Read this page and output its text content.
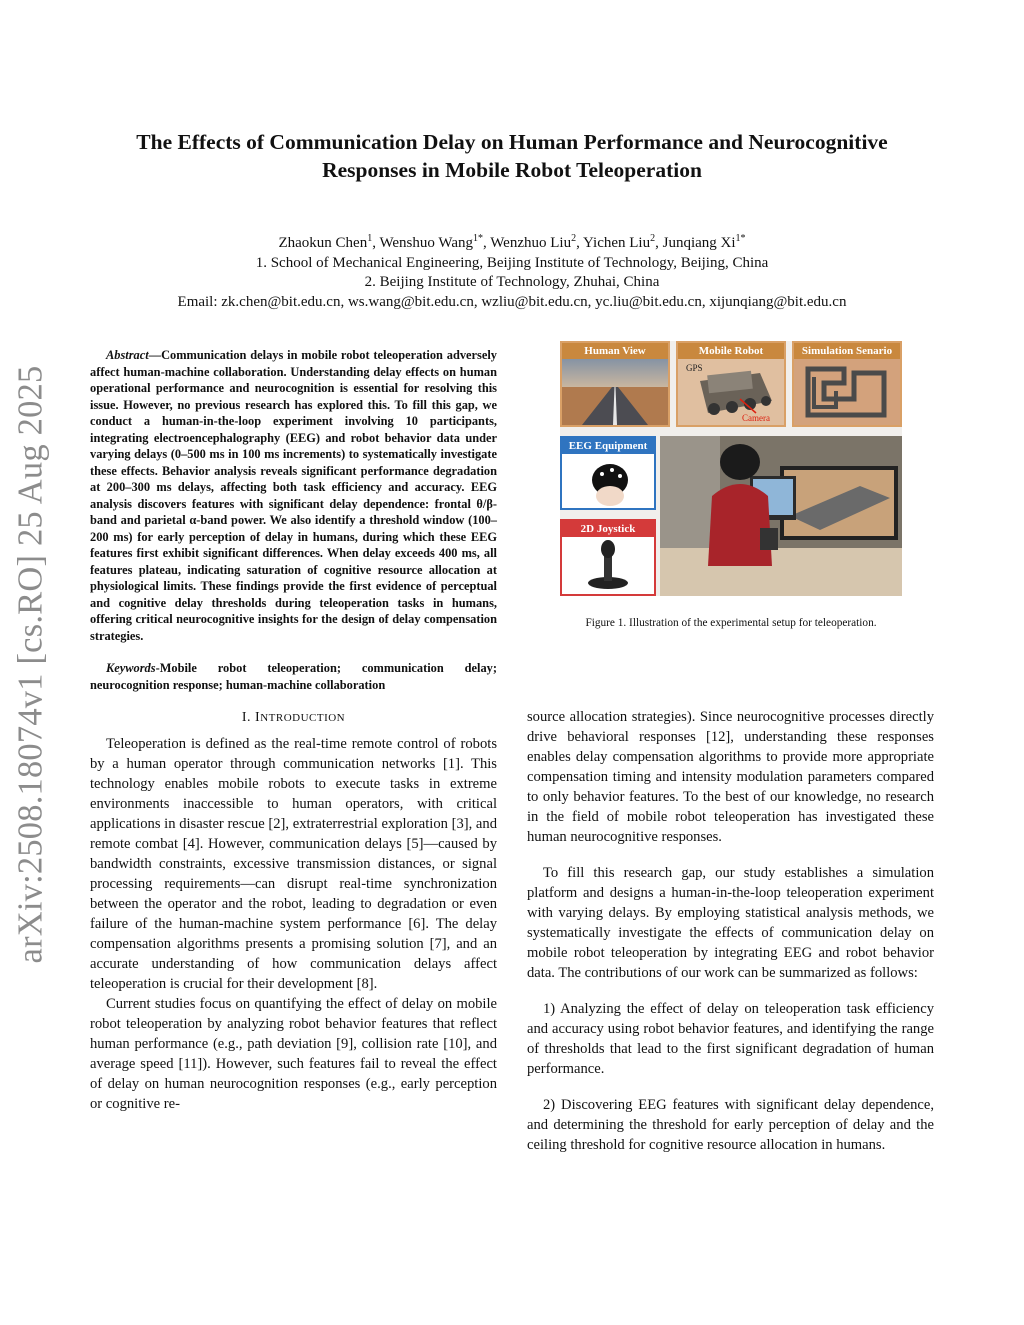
arXiv:2508.18074v1 [cs.RO] 25 Aug 2025
The Effects of Communication Delay on Human Performance and Neurocognitive
Responses in Mobile Robot Teleoperation
Zhaokun Chen$^1$, Wenshuo Wang$^{1*}$, Wenzhuo Liu$^2$, Yichen Liu$^2$, Junqiang $Xi^{1*}$
1. School of Mechanical Engineering, Beijing Institute of Technology, Beijing, China
2. Beijing Institute of Technology, Zhuhai, China
Email: zk.chen@bit.edu.cn, ws.wang@bit.edu.cn, wzliu@bit.edu.cn, yc.liu@bit.edu.cn, xijunqiang@bit.edu.cn

Abstract—Communication delays in mobile robot teleoperation adversely affect human-machine collaboration. Understanding delay effects on human operational performance and neurocognition is essential for resolving this issue. However, no previous research has explored this. To fill this gap, we conduct a human-in-the-loop experiment involving 10 participants, integrating electroencephalography (EEG) and robot behavior data under varying delays (0–500 ms in 100 ms increments) to systematically investigate these effects. Behavior analysis reveals significant performance degradation at 200–300 ms delays, affecting both task efficiency and accuracy. EEG analysis discovers features with significant delay dependence: frontal θ/β-band and parietal α-band power. We also identify a threshold window (100–200 ms) for early perception of delay in humans, during which these EEG features first exhibit significant differences. When delay exceeds 400 ms, all features plateau, indicating saturation of cognitive resource allocation at physiological limits. These findings provide the first evidence of perceptual and cognitive delay thresholds during teleoperation tasks in humans, offering critical neurocognitive insights for the design of delay compensation strategies.

Keywords-Mobile robot teleoperation; communication delay; neurocognition response; human-machine collaboration

I. INTRODUCTION

Teleoperation is defined as the real-time remote control of robots by a human operator through communication networks [1]. This technology enables mobile robots to execute tasks in extreme environments inaccessible to human operators, with critical applications in disaster rescue [2], extraterrestrial exploration [3], and remote combat [4]. However, communication delays [5]—caused by bandwidth constraints, excessive transmission distances, or signal processing requirements—can disrupt real-time synchronization between the operator and the robot, leading to degradation or even failure of the human-machine system performance [6]. The delay compensation algorithms presents a promising solution [7], and an accurate understanding of how communication delays affect teleoperation is crucial for their development [8].

Current studies focus on quantifying the effect of delay on mobile robot teleoperation by analyzing robot behavior features that reflect human performance (e.g., path deviation [9], collision rate [10], and average speed [11]). However, such features fail to reveal the effect of delay on human neurocognition responses (e.g., early perception or cognitive re-

source allocation strategies). Since neurocognitive processes directly drive behavioral responses [12], understanding these responses enables delay compensation algorithms to provide more appropriate compensation timing and intensity modulation parameters compared to only behavior features. To the best of our knowledge, no research in the field of mobile robot teleoperation has investigated these human neurocognitive responses.

To fill this research gap, our study establishes a simulation platform and designs a human-in-the-loop teleoperation experiment with varying delays. By employing statistical analysis methods, we systematically investigate the effects of communication delay on mobile robot teleoperation by integrating EEG and robot behavior data. The contributions of our work can be summarized as follows:

1) Analyzing the effect of delay on teleoperation task efficiency and accuracy using robot behavior features, and identifying the range of thresholds that lead to the first significant degradation of human performance.

2) Discovering EEG features with significant delay dependence, and determining the threshold for early perception of delay and the ceiling threshold for cognitive resource allocation in humans.

Human View	Mobile Robot
GPS
Camera
Simulation Senario
EEG Equipment
2D Joystick
Figure 1. Illustration of the experimental setup for teleoperation.
